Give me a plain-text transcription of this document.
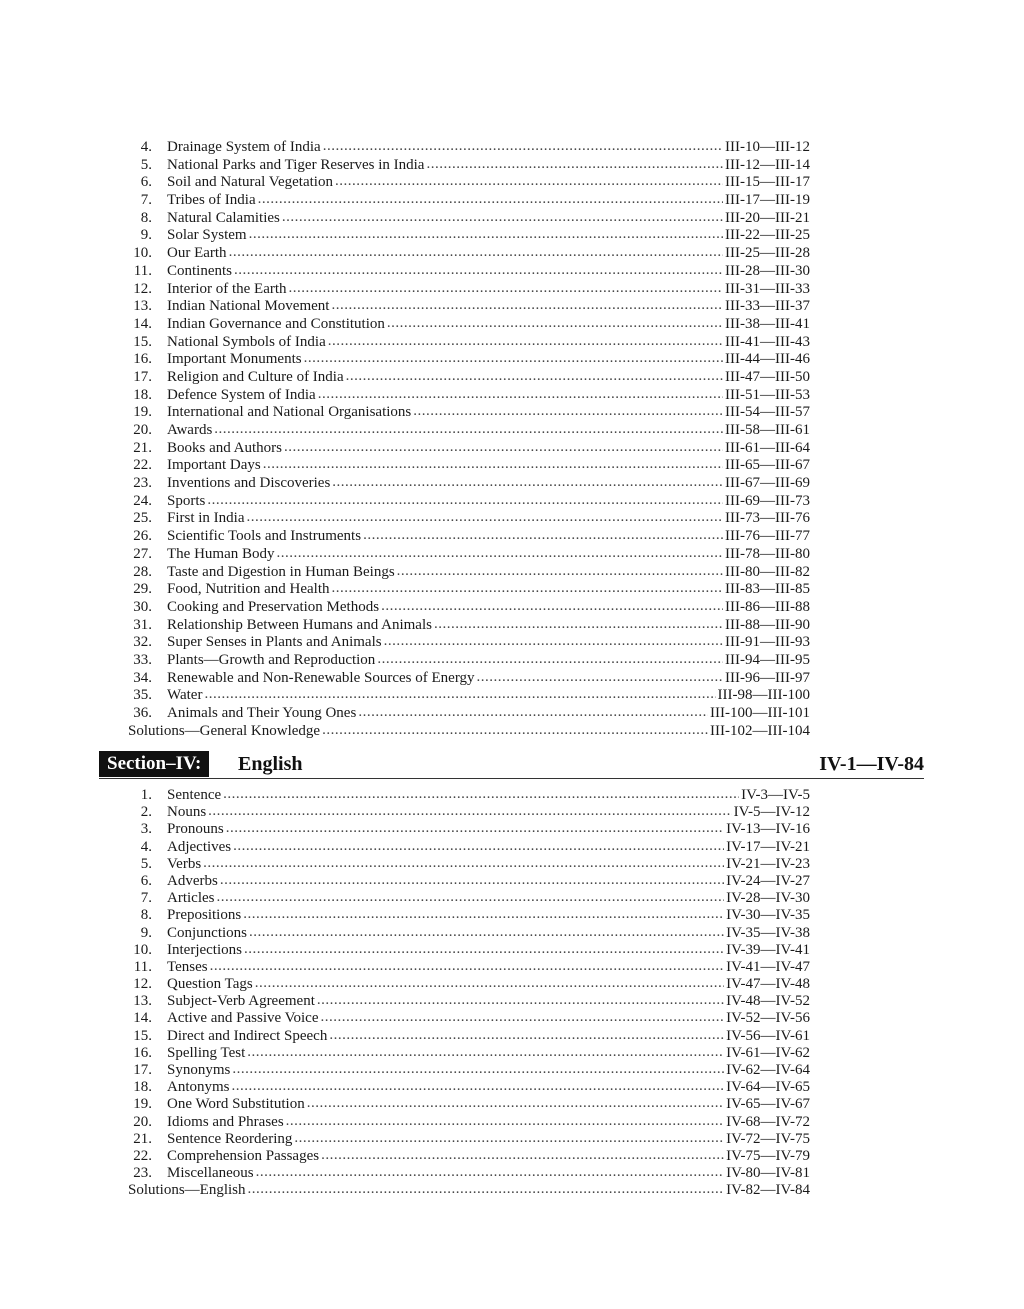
4.	Drainage System of India .....	III-10—III-12
5.	National Parks and Tiger Reserves in India .....	III-12—III-14
6.	Soil and Natural Vegetation .....	III-15—III-17
7.	Tribes of India .....	III-17—III-19
8.	Natural Calamities .....	III-20—III-21
9.	Solar System .....	III-22—III-25
10.	Our Earth .....	III-25—III-28
11.	Continents .....	III-28—III-30
12.	Interior of the Earth .....	III-31—III-33
13.	Indian National Movement .....	III-33—III-37
14.	Indian Governance and Constitution .....	III-38—III-41
15.	National Symbols of India .....	III-41—III-43
16.	Important Monuments .....	III-44—III-46
17.	Religion and Culture of India .....	III-47—III-50
18.	Defence System of India .....	III-51—III-53
19.	International and National Organisations .....	III-54—III-57
20.	Awards .....	III-58—III-61
21.	Books and Authors .....	III-61—III-64
22.	Important Days .....	III-65—III-67
23.	Inventions and Discoveries .....	III-67—III-69
24.	Sports .....	III-69—III-73
25.	First in India .....	III-73—III-76
26.	Scientific Tools and Instruments .....	III-76—III-77
27.	The Human Body .....	III-78—III-80
28.	Taste and Digestion in Human Beings .....	III-80—III-82
29.	Food, Nutrition and Health .....	III-83—III-85
30.	Cooking and Preservation Methods .....	III-86—III-88
31.	Relationship Between Humans and Animals .....	III-88—III-90
32.	Super Senses in Plants and Animals .....	III-91—III-93
33.	Plants—Growth and Reproduction .....	III-94—III-95
34.	Renewable and Non-Renewable Sources of Energy .....	III-96—III-97
35.	Water .....	III-98—III-100
36.	Animals and Their Young Ones .....	III-100—III-101
Solutions—General Knowledge .....	III-102—III-104
Section–IV:	English	IV-1—IV-84
1.	Sentence .....	IV-3—IV-5
2.	Nouns .....	IV-5—IV-12
3.	Pronouns .....	IV-13—IV-16
4.	Adjectives .....	IV-17—IV-21
5.	Verbs .....	IV-21—IV-23
6.	Adverbs .....	IV-24—IV-27
7.	Articles .....	IV-28—IV-30
8.	Prepositions .....	IV-30—IV-35
9.	Conjunctions .....	IV-35—IV-38
10.	Interjections .....	IV-39—IV-41
11.	Tenses .....	IV-41—IV-47
12.	Question Tags .....	IV-47—IV-48
13.	Subject-Verb Agreement .....	IV-48—IV-52
14.	Active and Passive Voice .....	IV-52—IV-56
15.	Direct and Indirect Speech .....	IV-56—IV-61
16.	Spelling Test .....	IV-61—IV-62
17.	Synonyms .....	IV-62—IV-64
18.	Antonyms .....	IV-64—IV-65
19.	One Word Substitution .....	IV-65—IV-67
20.	Idioms and Phrases .....	IV-68—IV-72
21.	Sentence Reordering .....	IV-72—IV-75
22.	Comprehension Passages .....	IV-75—IV-79
23.	Miscellaneous .....	IV-80—IV-81
Solutions—English .....	IV-82—IV-84
